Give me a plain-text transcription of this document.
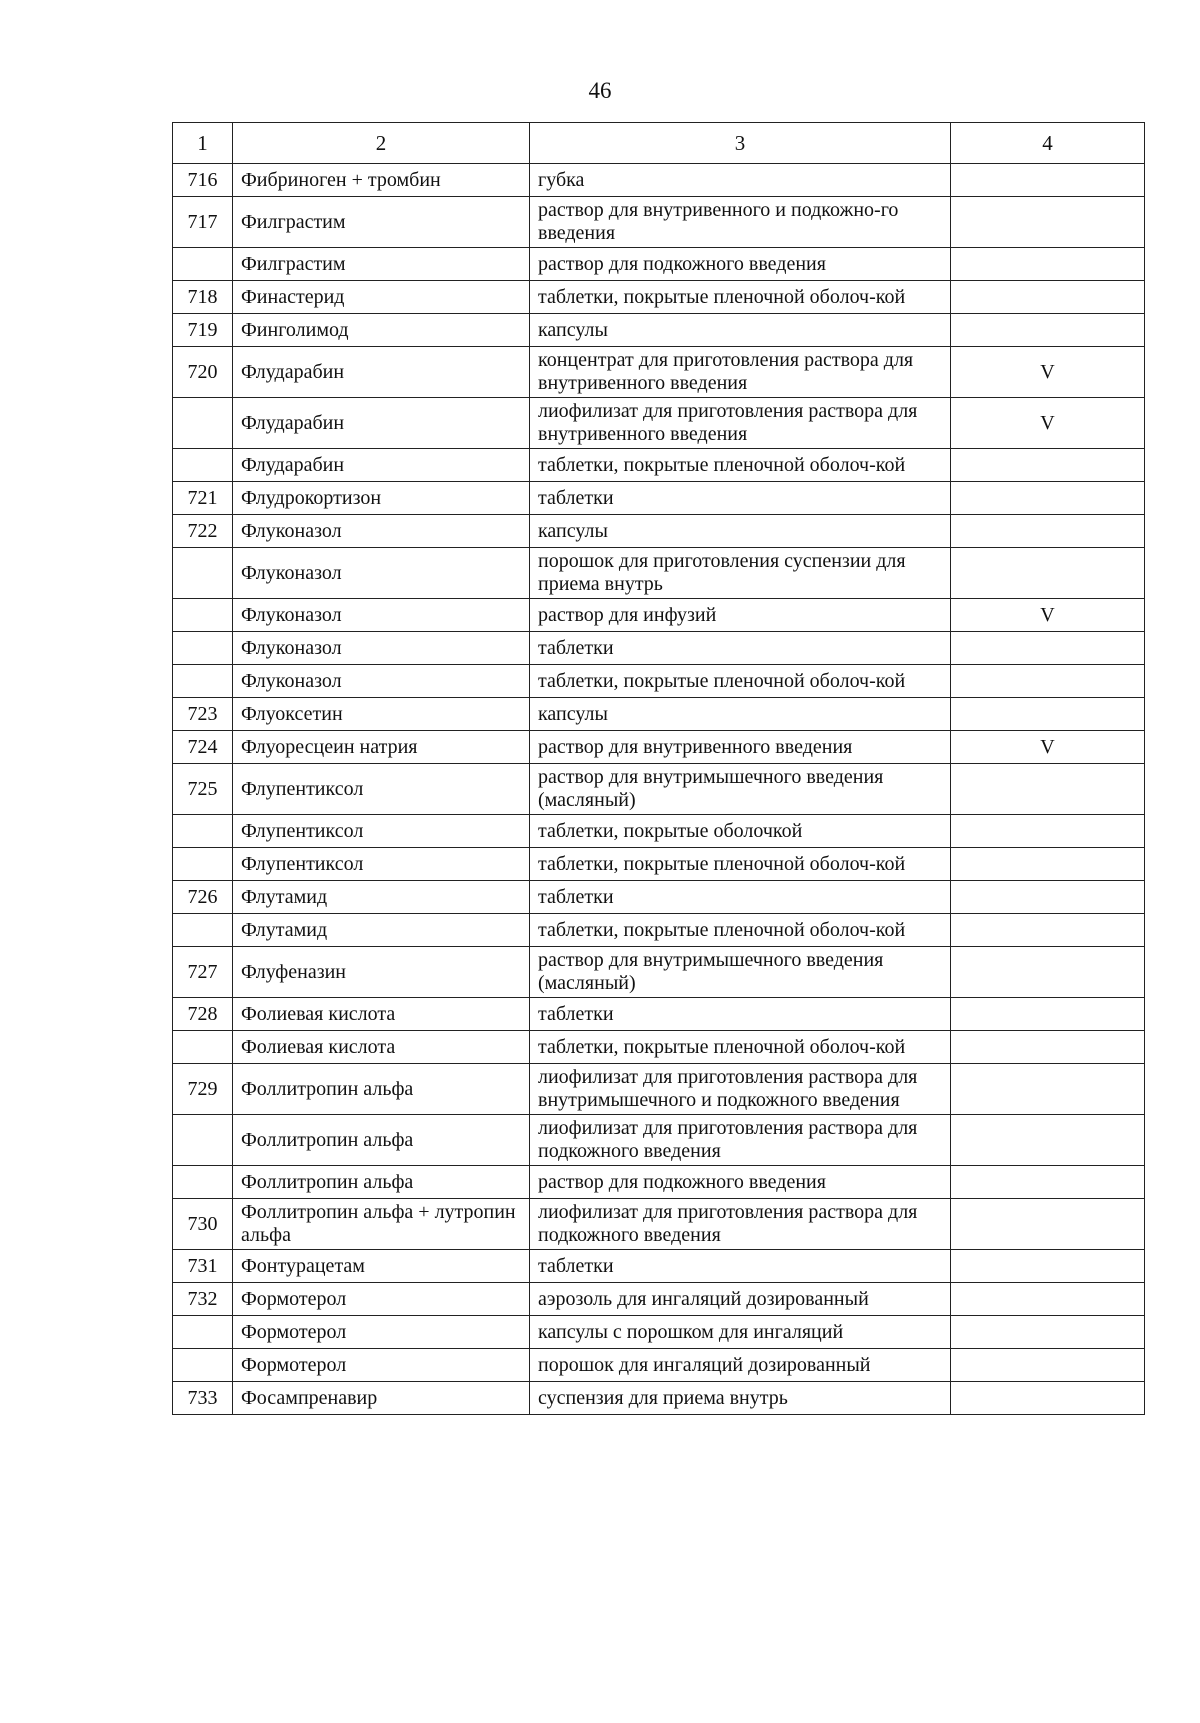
46
1	2	3	4
716	Фибриноген + тромбин	губка	
717	Филграстим	раствор для внутривенного и подкожно-го введения	
	Филграстим	раствор для подкожного введения	
718	Финастерид	таблетки, покрытые пленочной оболоч-кой	
719	Финголимод	капсулы	
720	Флударабин	концентрат для приготовления раствора для внутривенного введения	V
	Флударабин	лиофилизат для приготовления раствора для внутривенного введения	V
	Флударабин	таблетки, покрытые пленочной оболоч-кой	
721	Флудрокортизон	таблетки	
722	Флуконазол	капсулы	
	Флуконазол	порошок для приготовления суспензии для приема внутрь	
	Флуконазол	раствор для инфузий	V
	Флуконазол	таблетки	
	Флуконазол	таблетки, покрытые пленочной оболоч-кой	
723	Флуоксетин	капсулы	
724	Флуоресцеин натрия	раствор для внутривенного введения	V
725	Флупентиксол	раствор для внутримышечного введения (масляный)	
	Флупентиксол	таблетки, покрытые оболочкой	
	Флупентиксол	таблетки, покрытые пленочной оболоч-кой	
726	Флутамид	таблетки	
	Флутамид	таблетки, покрытые пленочной оболоч-кой	
727	Флуфеназин	раствор для внутримышечного введения (масляный)	
728	Фолиевая кислота	таблетки	
	Фолиевая кислота	таблетки, покрытые пленочной оболоч-кой	
729	Фоллитропин альфа	лиофилизат для приготовления раствора для внутримышечного и подкожного введения	
	Фоллитропин альфа	лиофилизат для приготовления раствора для подкожного введения	
	Фоллитропин альфа	раствор для подкожного введения	
730	Фоллитропин альфа + лутропин альфа	лиофилизат для приготовления раствора для подкожного введения	
731	Фонтурацетам	таблетки	
732	Формотерол	аэрозоль для ингаляций дозированный	
	Формотерол	капсулы с порошком для ингаляций	
	Формотерол	порошок для ингаляций дозированный	
733	Фосампренавир	суспензия для приема внутрь	
